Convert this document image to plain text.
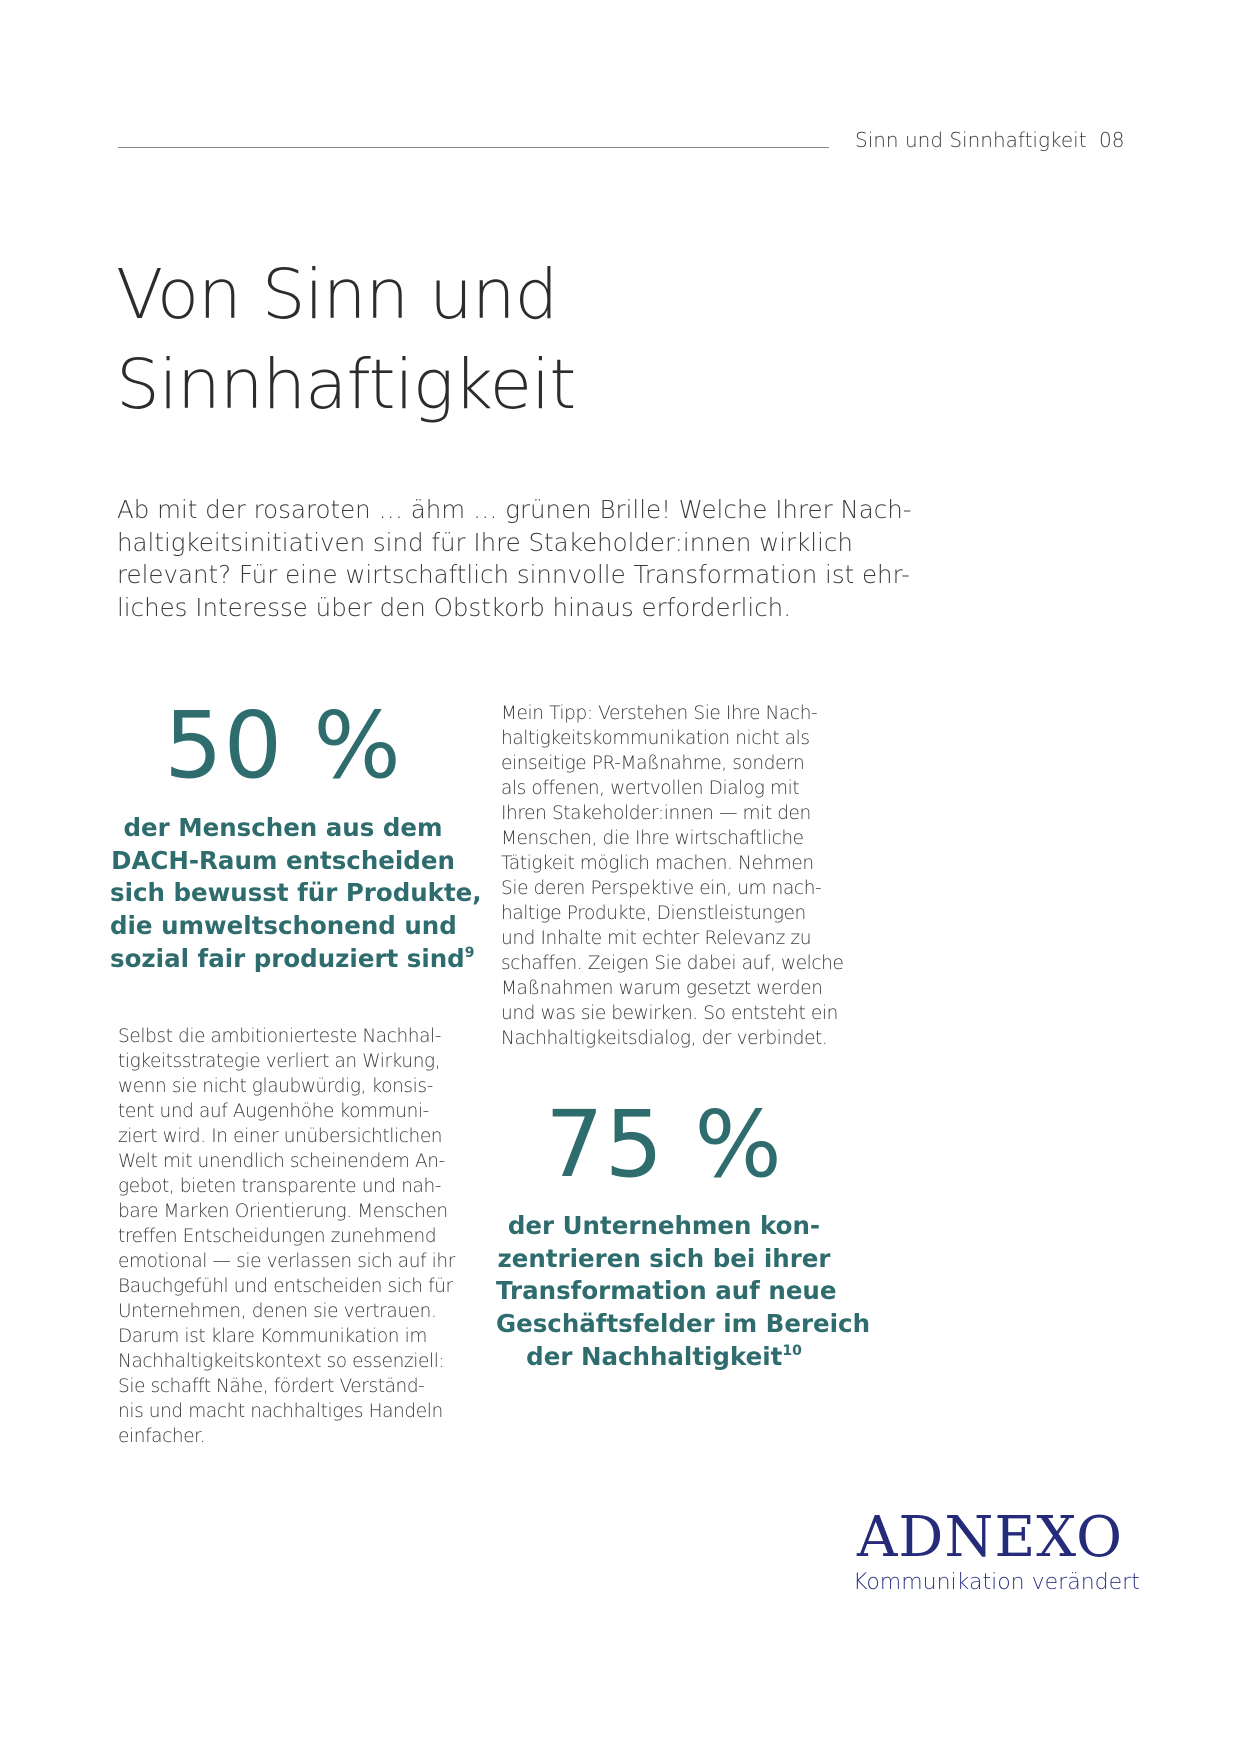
Sinn und Sinnhaftigkeit 08
Von Sinn und
Sinnhaftigkeit

Ab mit der rosaroten … ähm … grünen Brille! Welche Ihrer Nach-
haltigkeitsinitiativen sind für Ihre Stakeholder:innen wirklich
relevant? Für eine wirtschaftlich sinnvolle Transformation ist ehr-
liches Interesse über den Obstkorb hinaus erforderlich.

50 %

der Menschen aus dem
DACH-Raum entscheiden
sich bewusst für Produkte,
die umweltschonend und
sozial fair produziert sind$^9$

Mein Tipp: Verstehen Sie Ihre Nach-
haltigkeitskommunikation nicht als
einseitige PR-Maßnahme, sondern
als offenen, wertvollen Dialog mit
Ihren Stakeholder:innen — mit den
Menschen, die Ihre wirtschaftliche
Tätigkeit möglich machen. Nehmen
Sie deren Perspektive ein, um nach-
haltige Produkte, Dienstleistungen
und Inhalte mit echter Relevanz zu
schaffen. Zeigen Sie dabei auf, welche
Maßnahmen warum gesetzt werden
und was sie bewirken. So entsteht ein
Nachhaltigkeitsdialog, der verbindet.

Selbst die ambitionierteste Nachhal-
tigkeitsstrategie verliert an Wirkung,
wenn sie nicht glaubwürdig, konsis-
tent und auf Augenhöhe kommuni-
ziert wird. In einer unübersichtlichen
Welt mit unendlich scheinendem An-
gebot, bieten transparente und nah-
bare Marken Orientierung. Menschen
treffen Entscheidungen zunehmend
emotional — sie verlassen sich auf ihr
Bauchgefühl und entscheiden sich für
Unternehmen, denen sie vertrauen.
Darum ist klare Kommunikation im
Nachhaltigkeitskontext so essenziell:
Sie schafft Nähe, fördert Verständ-
nis und macht nachhaltiges Handeln
einfacher.

75 %

der Unternehmen kon-
zentrieren sich bei ihrer
Transformation auf neue
Geschäftsfelder im Bereich
der Nachhaltigkeit$^{10}$

ADNEXO
Kommunikation verändert
